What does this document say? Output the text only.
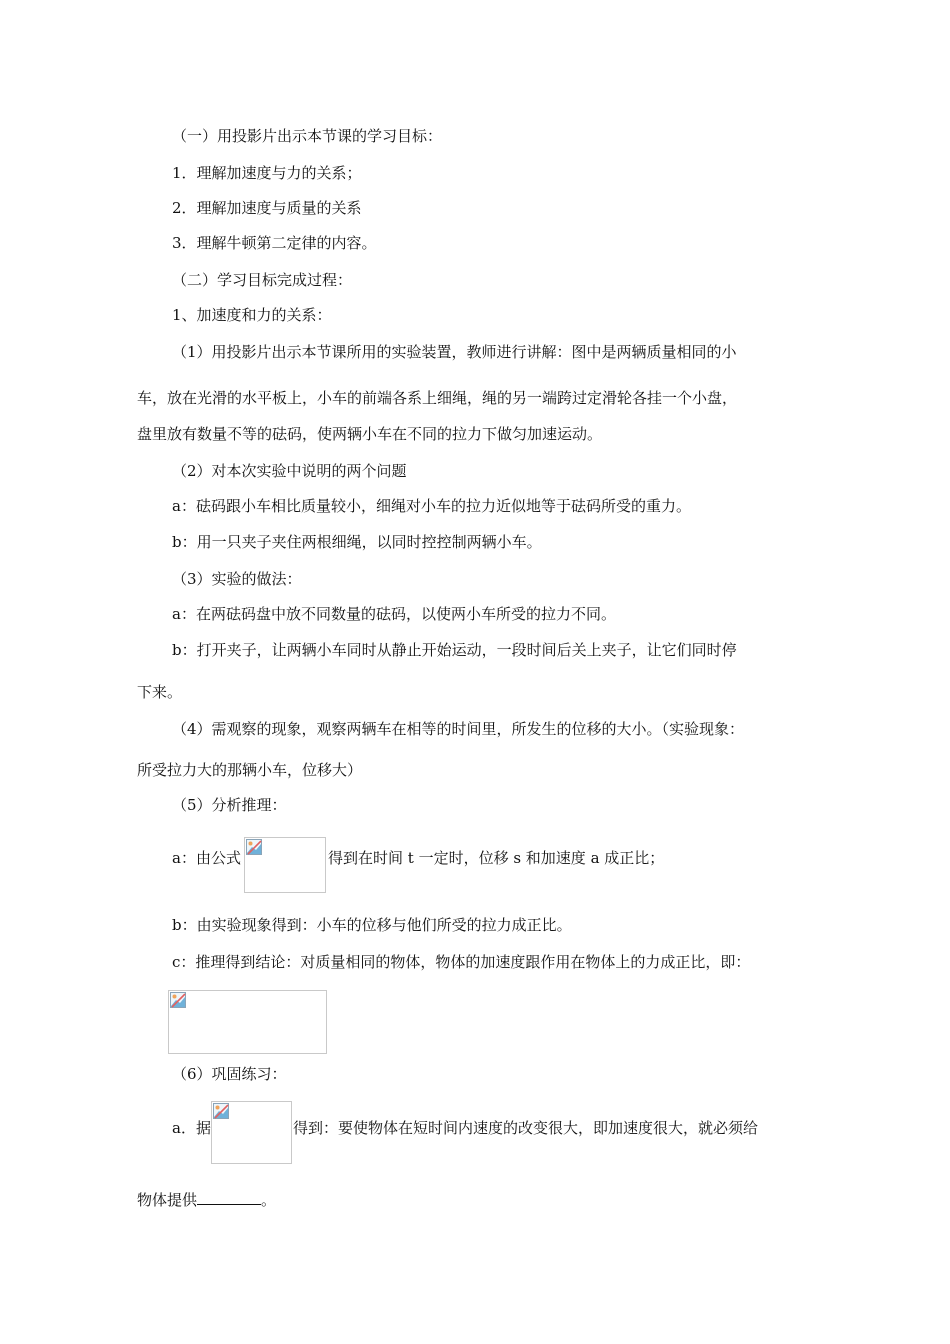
（一）用投影片出示本节课的学习目标：
1．理解加速度与力的关系；
2．理解加速度与质量的关系
3．理解牛顿第二定律的内容。
（二）学习目标完成过程：
1、加速度和力的关系：
（1）用投影片出示本节课所用的实验装置，教师进行讲解：图中是两辆质量相同的小
车，放在光滑的水平板上，小车的前端各系上细绳，绳的另一端跨过定滑轮各挂一个小盘，
盘里放有数量不等的砝码，使两辆小车在不同的拉力下做匀加速运动。
（2）对本次实验中说明的两个问题
a：砝码跟小车相比质量较小，细绳对小车的拉力近似地等于砝码所受的重力。
b：用一只夹子夹住两根细绳，以同时控控制两辆小车。
（3）实验的做法：
a：在两砝码盘中放不同数量的砝码，以使两小车所受的拉力不同。
b：打开夹子，让两辆小车同时从静止开始运动，一段时间后关上夹子，让它们同时停
下来。
（4）需观察的现象，观察两辆车在相等的时间里，所发生的位移的大小。（实验现象：
所受拉力大的那辆小车，位移大）
（5）分析推理：
a：由公式	得到在时间 t 一定时，位移 s 和加速度 a 成正比；
b：由实验现象得到：小车的位移与他们所受的拉力成正比。
c：推理得到结论：对质量相同的物体，物体的加速度跟作用在物体上的力成正比，即：
（6）巩固练习：
a．据	得到：要使物体在短时间内速度的改变很大，即加速度很大，就必须给
物体提供	。
